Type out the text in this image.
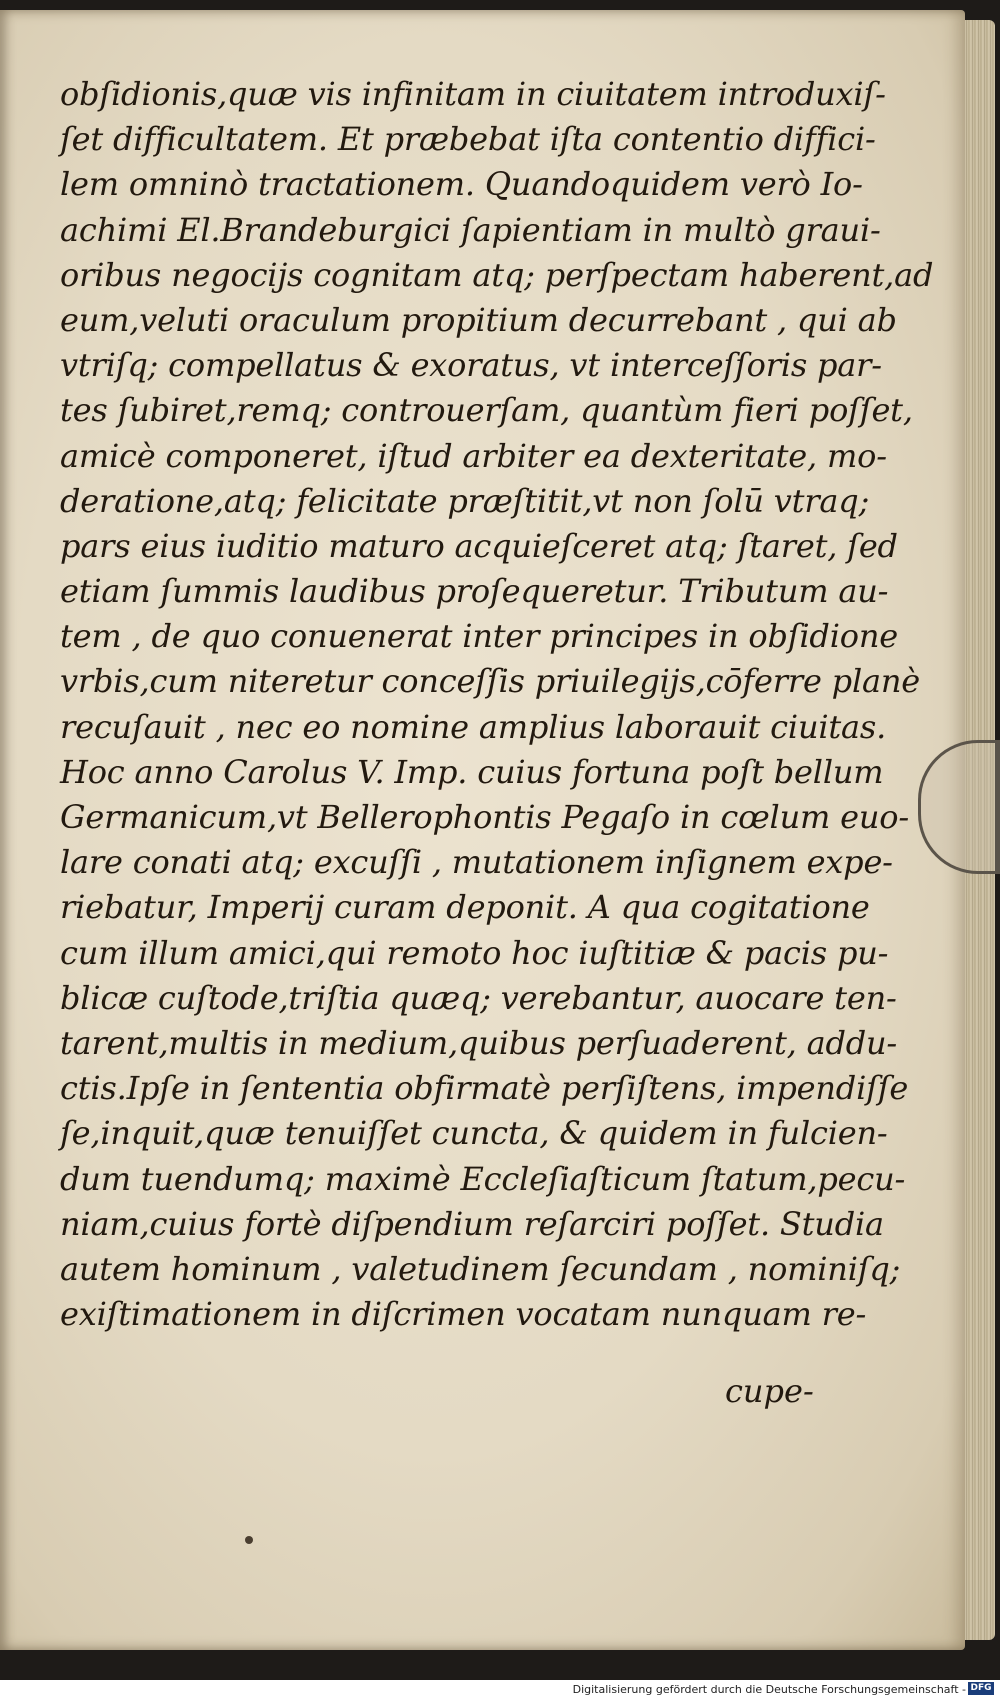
obſidionis,quæ vis infinitam in ciuitatem introduxiſ-
ſet difficultatem. Et præbebat iſta contentio diffici-
lem omninò tractationem. Quandoquidem verò Io-
achimi El.Brandeburgici ſapientiam in multò graui-
oribus negocijs cognitam atq; perſpectam haberent,ad
eum,veluti oraculum propitium decurrebant , qui ab
vtriſq; compellatus & exoratus, vt interceſſoris par-
tes ſubiret,remq; controuerſam, quantùm fieri poſſet,
amicè componeret, iſtud arbiter ea dexteritate, mo-
deratione,atq; felicitate præſtitit,vt non ſolū vtraq;
pars eius iuditio maturo acquieſceret atq; ſtaret, ſed
etiam ſummis laudibus proſequeretur. Tributum au-
tem , de quo conuenerat inter principes in obſidione
vrbis,cum niteretur conceſſis priuilegijs,cōferre planè
recuſauit , nec eo nomine amplius laborauit ciuitas.
Hoc anno Carolus V. Imp. cuius fortuna poſt bellum
Germanicum,vt Bellerophontis Pegaſo in cœlum euo-
lare conati atq; excuſſi , mutationem inſignem expe-
riebatur, Imperij curam deponit. A qua cogitatione
cum illum amici,qui remoto hoc iuſtitiæ & pacis pu-
blicæ cuſtode,triſtia quæq; verebantur, auocare ten-
tarent,multis in medium,quibus perſuaderent, addu-
ctis.Ipſe in ſententia obfirmatè perſiſtens, impendiſſe
ſe,inquit,quæ tenuiſſet cuncta, & quidem in fulcien-
dum tuendumq; maximè Eccleſiaſticum ſtatum,pecu-
niam,cuius fortè diſpendium reſarciri poſſet. Studia
autem hominum , valetudinem ſecundam , nominiſq;
exiſtimationem in diſcrimen vocatam nunquam re-
cupe-
Digitalisierung gefördert durch die Deutsche Forschungsgemeinschaft - DFG
